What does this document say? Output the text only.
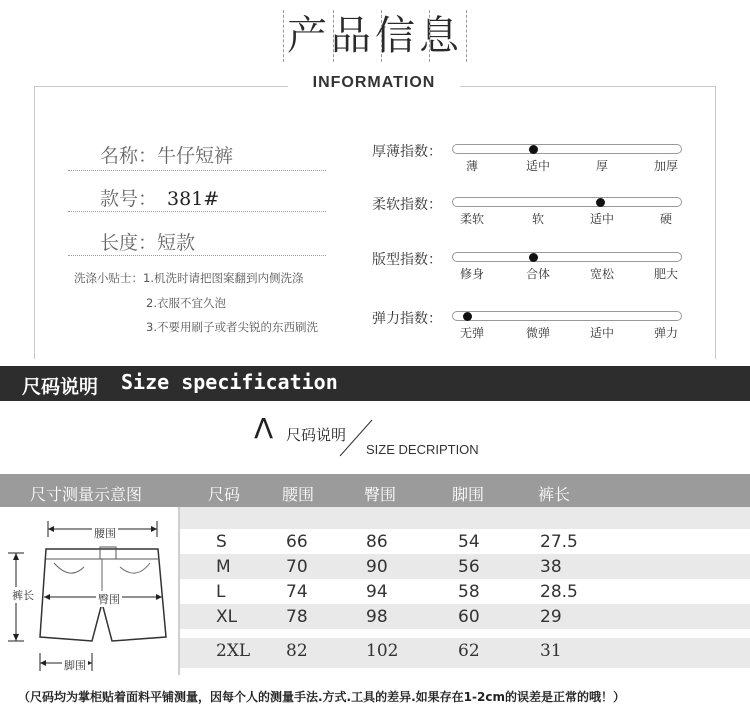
产品信息
INFORMATION
名称：牛仔短裤
款号： 381#
长度：短款
洗涤小贴士：1.机洗时请把图案翻到内侧洗涤
2.衣服不宜久泡
3.不要用刷子或者尖锐的东西刷洗
厚薄指数：
薄	适中	厚	加厚
柔软指数：
柔软	软	适中	硬
版型指数：
修身	合体	宽松	肥大
弹力指数：
无弹	微弹	适中	弹力
尺码说明 Size specification
Λ 尺码说明
SIZE DECRIPTION
尺寸测量示意图	尺码	腰围	臀围	脚围	裤长
腰围
裤长	臀围
脚围
S	66	86	54	27.5
M	70	90	56	38
L	74	94	58	28.5
XL	78	98	60	29
2XL 82	102	62	31
（尺码均为掌柜贴着面料平铺测量，因每个人的测量手法.方式.工具的差异.如果存在1-2cm的误差是正常的哦！）
